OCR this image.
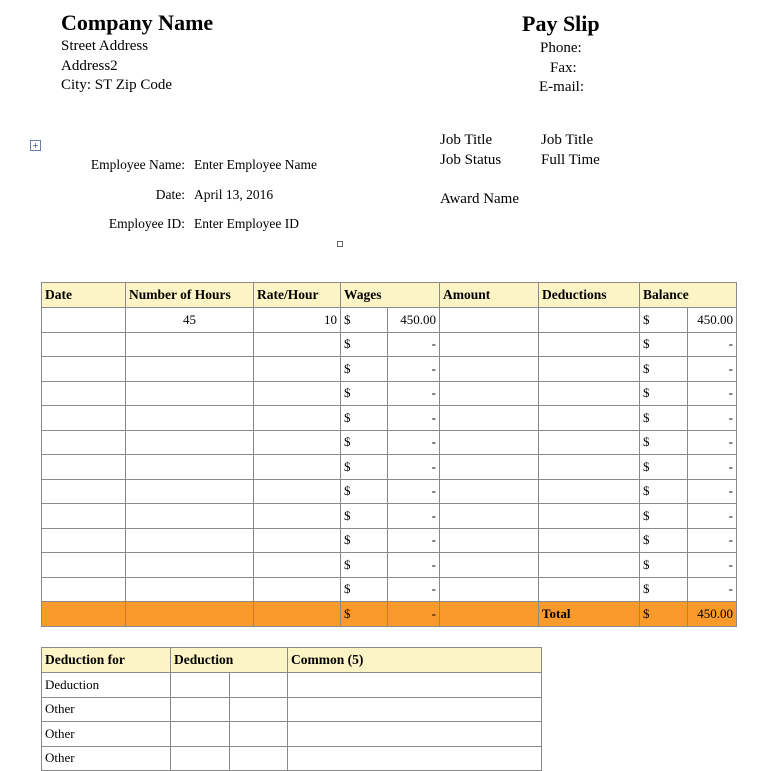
Company Name
Street Address
Address2
City: ST Zip Code
Pay Slip
Phone:
Fax:
E-mail:
+
Employee Name: Enter Employee Name
Date: April 13, 2016
Employee ID: Enter Employee ID
Job Title	Job Title
Job Status	Full Time
Award Name
Date	Number of Hours	Rate/Hour	Wages		Amount	Deductions	Balance	
	45	10	$	450.00			$	450.00
			$	-			$	-
			$	-			$	-
			$	-			$	-
			$	-			$	-
			$	-			$	-
			$	-			$	-
			$	-			$	-
			$	-			$	-
			$	-			$	-
			$	-			$	-
			$	-			$	-
			$	-		Total	$	450.00
Deduction for	Deduction		Common (5)
Deduction			
Other			
Other			
Other			
